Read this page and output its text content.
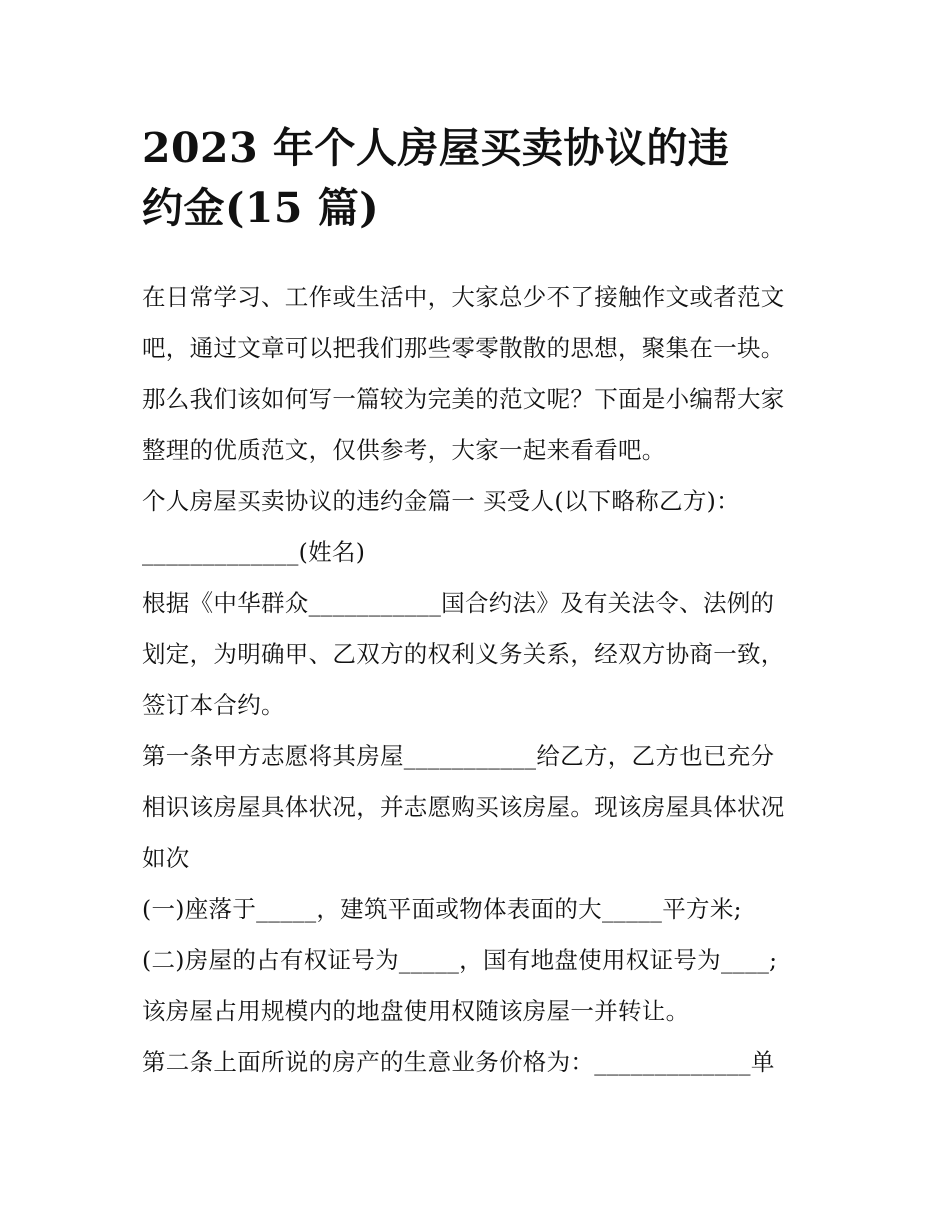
2023 年个人房屋买卖协议的违
约金(15 篇)
在日常学习、工作或生活中，大家总少不了接触作文或者范文
吧，通过文章可以把我们那些零零散散的思想，聚集在一块。
那么我们该如何写一篇较为完美的范文呢？下面是小编帮大家
整理的优质范文，仅供参考，大家一起来看看吧。
个人房屋买卖协议的违约金篇一 买受人(以下略称乙方)：
_____________(姓名)
根据《中华群众___________国合约法》及有关法令、法例的
划定，为明确甲、乙双方的权利义务关系，经双方协商一致，
签订本合约。
第一条甲方志愿将其房屋___________给乙方，乙方也已充分
相识该房屋具体状况，并志愿购买该房屋。现该房屋具体状况
如次
(一)座落于_____，建筑平面或物体表面的大_____平方米;
(二)房屋的占有权证号为_____，国有地盘使用权证号为____;
该房屋占用规模内的地盘使用权随该房屋一并转让。
第二条上面所说的房产的生意业务价格为：_____________单
